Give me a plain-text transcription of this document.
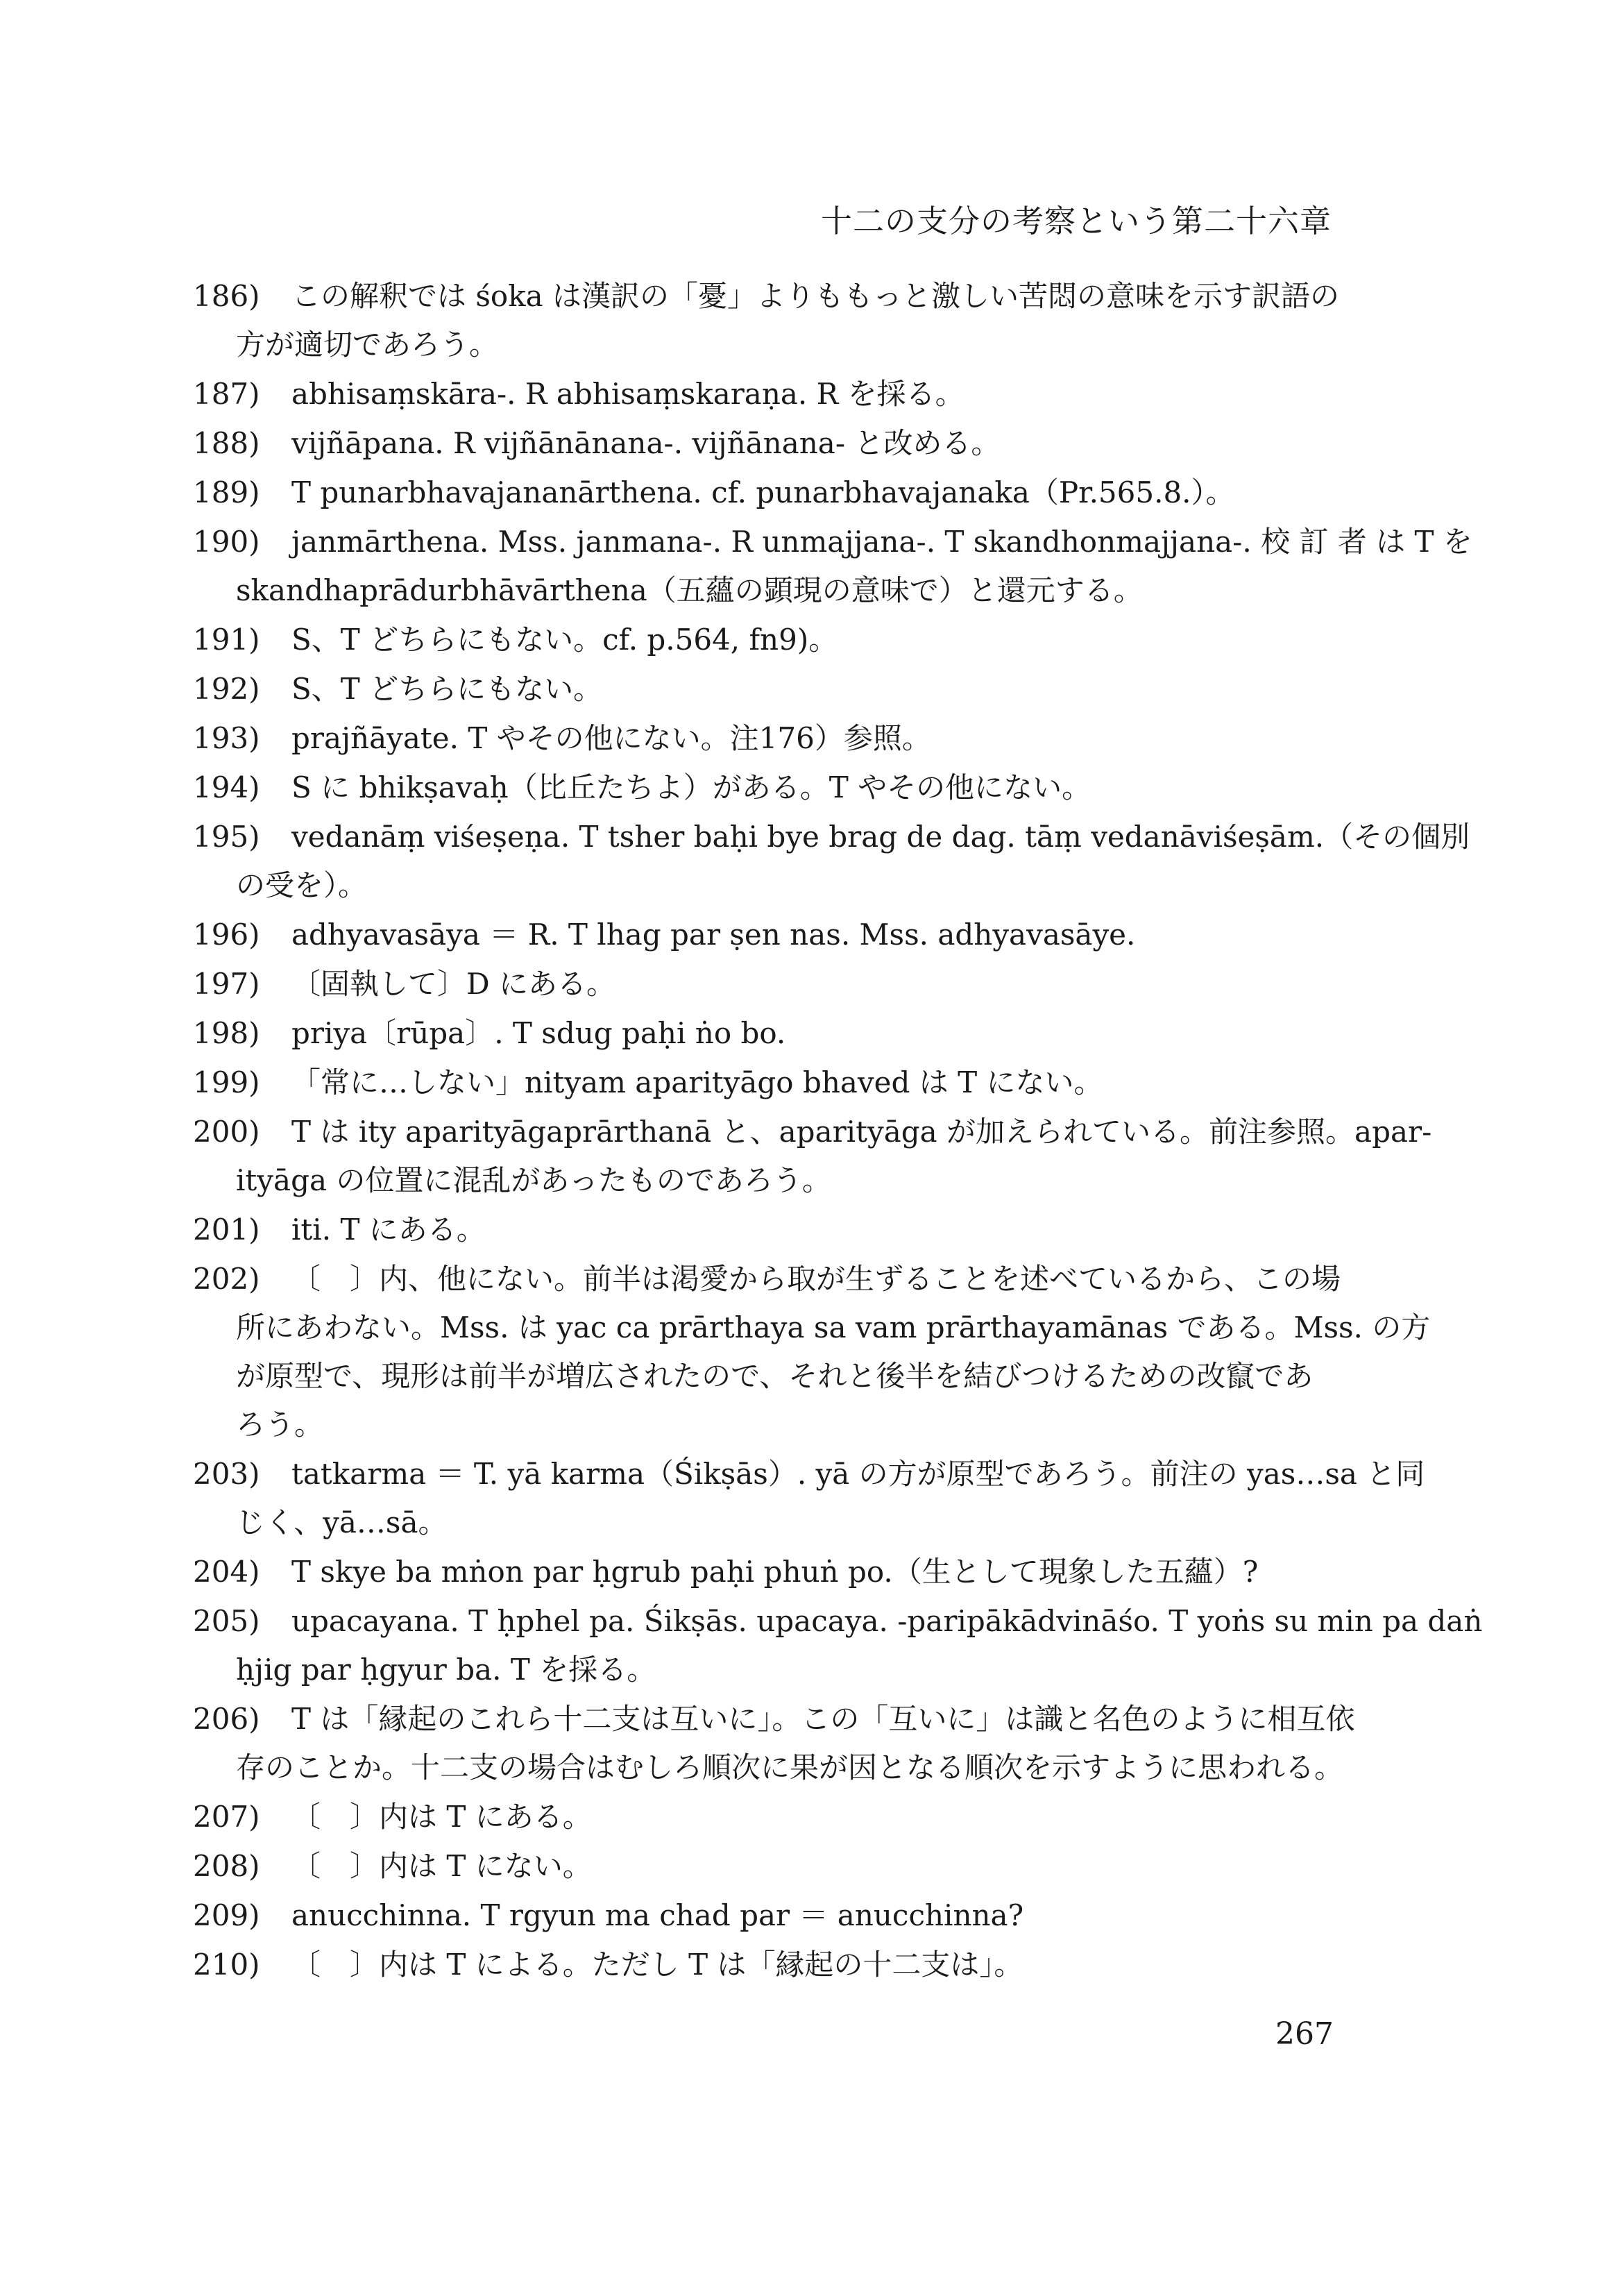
十二の支分の考察という第二十六章
186)	この解釈では śoka は漢訳の「憂」よりももっと激しい苦悶の意味を示す訳語の
方が適切であろう。
187)	abhisaṃskāra-. R abhisaṃskaraṇa. R を採る。
188)	vijñāpana. R vijñānānana-. vijñānana- と改める。
189)	T punarbhavajananārthena. cf. punarbhavajanaka（Pr.565.8.）。
190)	janmārthena. Mss. janmana-. R unmajjana-. T skandhonmajjana-. 校 訂 者 は T を
skandhaprādurbhāvārthena（五蘊の顕現の意味で）と還元する。
191)	S、T どちらにもない。cf. p.564, fn9)。
192)	S、T どちらにもない。
193)	prajñāyate. T やその他にない。注176）参照。
194)	S に bhikṣavaḥ（比丘たちよ）がある。T やその他にない。
195)	vedanāṃ viśeṣeṇa. T tsher baḥi bye brag de dag. tāṃ vedanāviśeṣām.（その個別
の受を）。
196)	adhyavasāya ＝ R. T lhag par ṣen nas. Mss. adhyavasāye.
197)	〔固執して〕D にある。
198)	priya〔rūpa〕. T sdug paḥi ṅo bo.
199)	「常に…しない」nityam aparityāgo bhaved は T にない。
200)	T は ity aparityāgaprārthanā と、aparityāga が加えられている。前注参照。apar-
ityāga の位置に混乱があったものであろう。
201)	iti. T にある。
202)	〔　〕内、他にない。前半は渇愛から取が生ずることを述べているから、この場
所にあわない。Mss. は yac ca prārthaya sa vam prārthayamānas である。Mss. の方
が原型で、現形は前半が増広されたので、それと後半を結びつけるための改竄であ
ろう。
203)	tatkarma ＝ T. yā karma（Śikṣās）. yā の方が原型であろう。前注の yas…sa と同
じく、yā…sā。
204)	T skye ba mṅon par ḥgrub paḥi phuṅ po.（生として現象した五蘊）?
205)	upacayana. T ḥphel pa. Śikṣās. upacaya. -paripākādvināśo. T yoṅs su min pa daṅ
ḥjig par ḥgyur ba. T を採る。
206)	T は「縁起のこれら十二支は互いに」。この「互いに」は識と名色のように相互依
存のことか。十二支の場合はむしろ順次に果が因となる順次を示すように思われる。
207)	〔　〕内は T にある。
208)	〔　〕内は T にない。
209)	anucchinna. T rgyun ma chad par ＝ anucchinna?
210)	〔　〕内は T による。ただし T は「縁起の十二支は」。
267
